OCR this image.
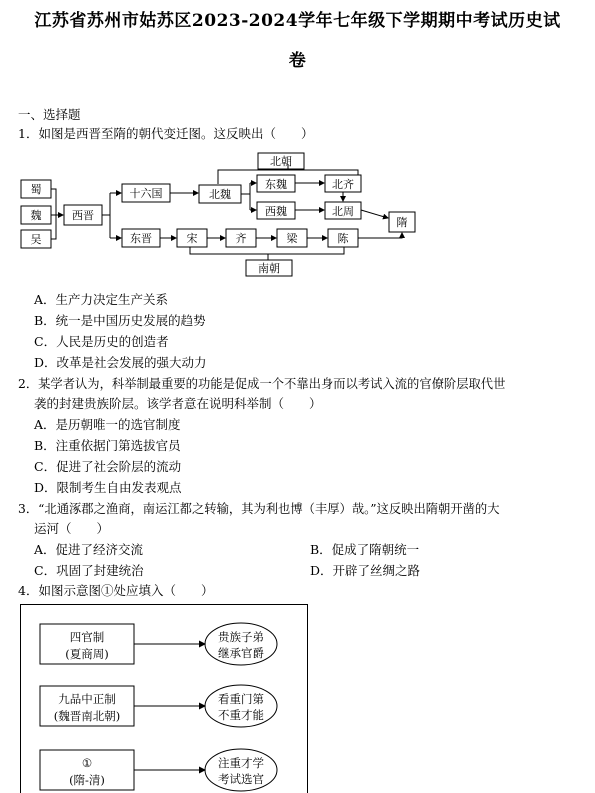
江苏省苏州市姑苏区2023-2024学年七年级下学期期中考试历史试
卷
一、选择题
1．如图是西晋至隋的朝代变迁图。这反映出（　　）
蜀
魏
吴
西晋
十六国	北魏
东魏	北齐
西魏	北周
隋
东晋	宋	齐	梁	陈
北朝
南朝
A．生产力决定生产关系
B．统一是中国历史发展的趋势
C．人民是历史的创造者
D．改革是社会发展的强大动力
2．某学者认为，科举制最重要的功能是促成一个不靠出身而以考试入流的官僚阶层取代世
袭的封建贵族阶层。该学者意在说明科举制（　　）
A．是历朝唯一的选官制度
B．注重依据门第选拔官员
C．促进了社会阶层的流动
D．限制考生自由发表观点
3．“北通涿郡之渔商，南运江都之转输，其为利也博（丰厚）哉。”这反映出隋朝开凿的大
运河（　　）
A．促进了经济交流	B．促成了隋朝统一
C．巩固了封建统治	D．开辟了丝绸之路
4．如图示意图①处应填入（　　）
四官制
(夏商周)
贵族子弟
继承官爵
九品中正制
(魏晋南北朝)
看重门第
不重才能
①
(隋-清)
注重才学
考试选官
